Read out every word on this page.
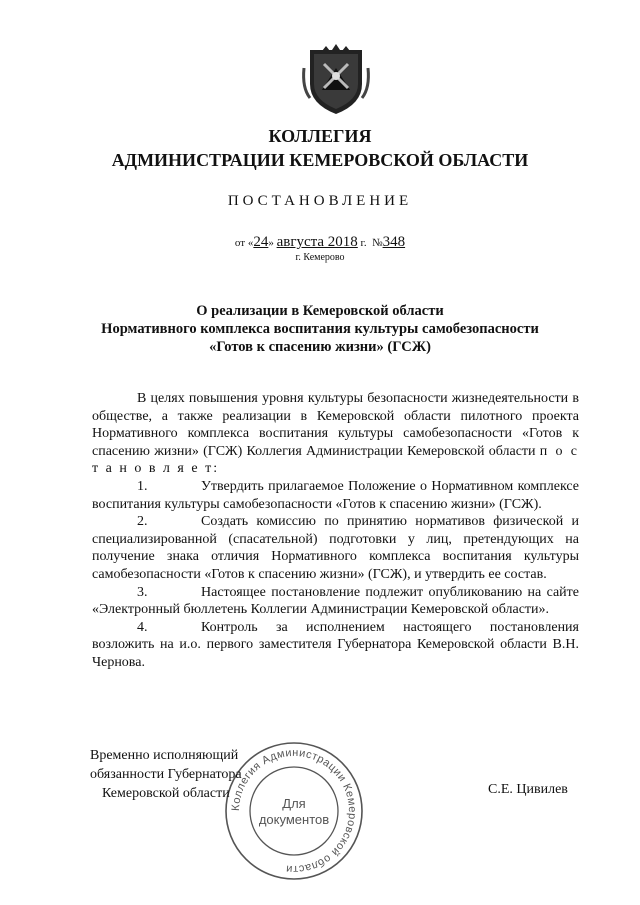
КОЛЛЕГИЯ
АДМИНИСТРАЦИИ КЕМЕРОВСКОЙ ОБЛАСТИ
ПОСТАНОВЛЕНИЕ
от «24» августа 2018 г. №348
г. Кемерово
О реализации в Кемеровской области
Нормативного комплекса воспитания культуры самобезопасности
«Готов к спасению жизни» (ГСЖ)

В целях повышения уровня культуры безопасности жизнедеятельности в обществе, а также реализации в Кемеровской области пилотного проекта Нормативного комплекса воспитания культуры самобезопасности «Готов к спасению жизни» (ГСЖ) Коллегия Администрации Кемеровской области п о с т а н о в л я е т:

1.	Утвердить прилагаемое Положение о Нормативном комплексе воспитания культуры самобезопасности «Готов к спасению жизни» (ГСЖ).

2.	Создать комиссию по принятию нормативов физической и специализированной (спасательной) подготовки у лиц, претендующих на получение знака отличия Нормативного комплекса воспитания культуры самобезопасности «Готов к спасению жизни» (ГСЖ), и утвердить ее состав.

3.	Настоящее постановление подлежит опубликованию на сайте «Электронный бюллетень Коллегии Администрации Кемеровской области».

4.	Контроль за исполнением настоящего постановления возложить на и.о. первого заместителя Губернатора Кемеровской области В.Н. Чернова.

Коллегия Администрации Кемеровской области
Для
документов
Временно исполняющий
обязанности Губернатора
Кемеровской области	С.Е. Цивилев
